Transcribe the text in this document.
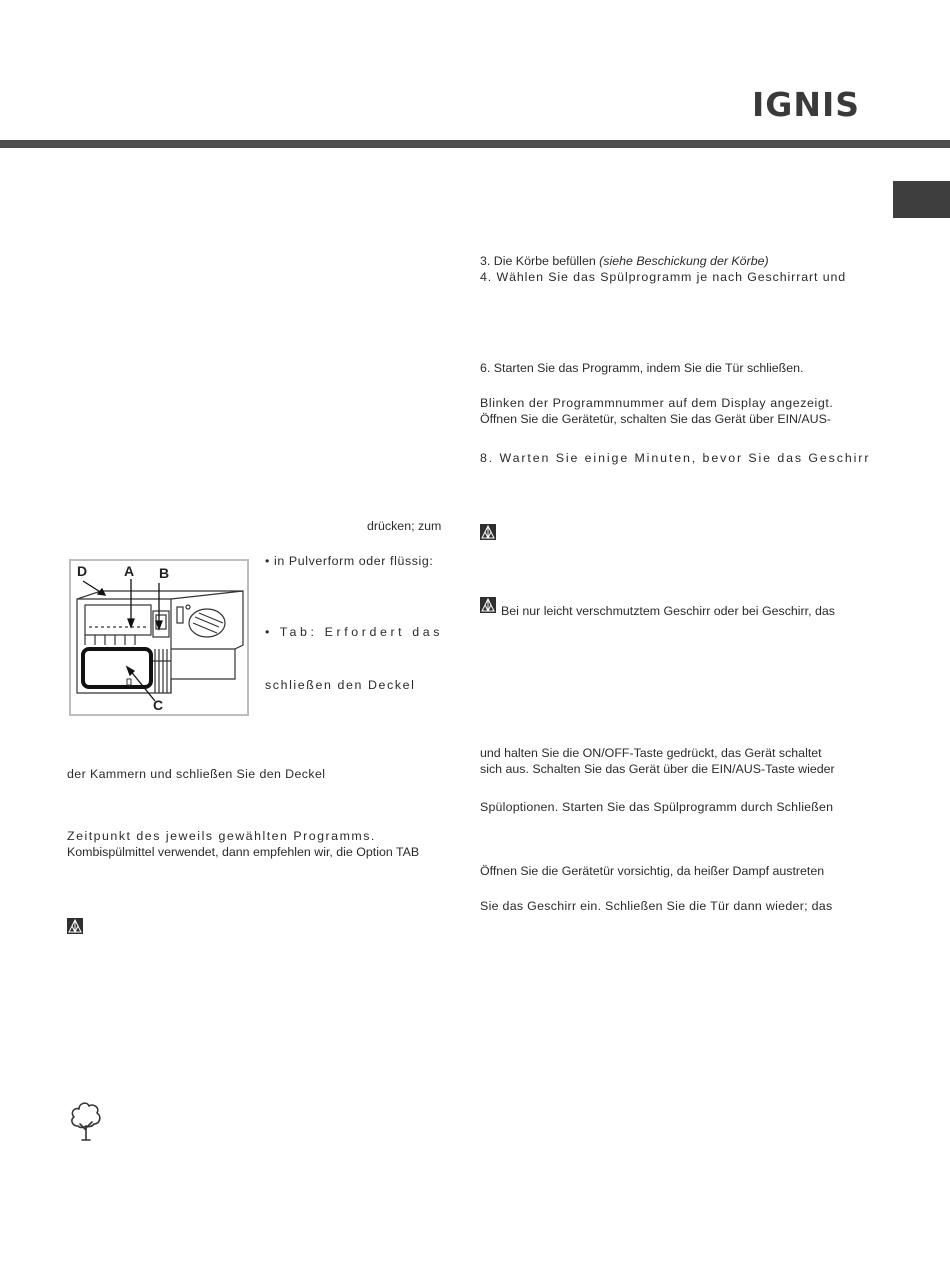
IGNIS
drücken; zum
D	A B
C
• in Pulverform oder flüssig:
• Tab: Erfordert das
schließen den Deckel
der Kammern und schließen Sie den Deckel
Zeitpunkt des jeweils gewählten Programms.
Kombispülmittel verwendet, dann empfehlen wir, die Option TAB
3. Die Körbe befüllen (siehe Beschickung der Körbe)
4. Wählen Sie das Spülprogramm je nach Geschirrart und
6. Starten Sie das Programm, indem Sie die Tür schließen.
Blinken der Programmnummer auf dem Display angezeigt.
Öffnen Sie die Gerätetür, schalten Sie das Gerät über EIN/AUS-
8. Warten Sie einige Minuten, bevor Sie das Geschirr
Bei nur leicht verschmutztem Geschirr oder bei Geschirr, das
und halten Sie die ON/OFF-Taste gedrückt, das Gerät schaltet
sich aus. Schalten Sie das Gerät über die EIN/AUS-Taste wieder
Spüloptionen. Starten Sie das Spülprogramm durch Schließen
Öffnen Sie die Gerätetür vorsichtig, da heißer Dampf austreten
Sie das Geschirr ein. Schließen Sie die Tür dann wieder; das
